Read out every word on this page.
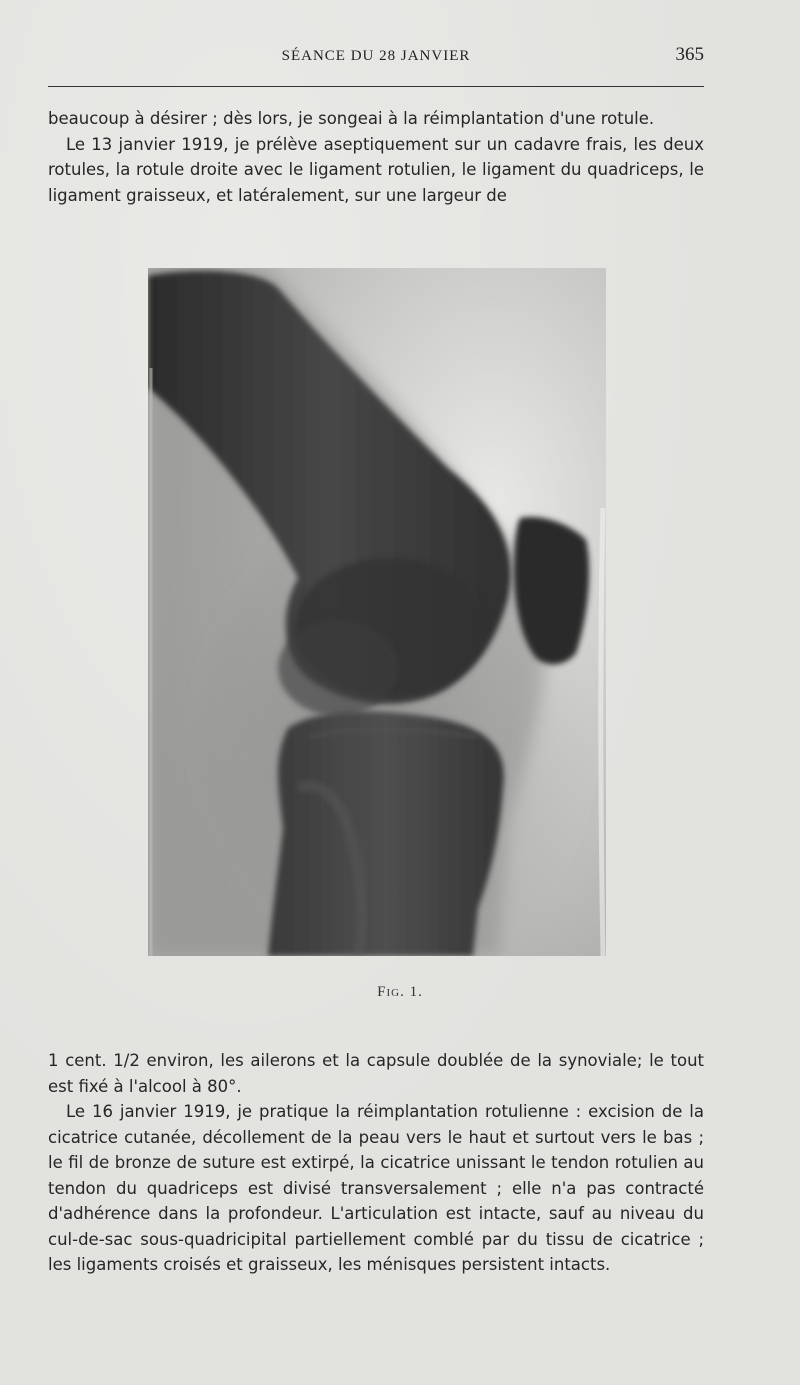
SÉANCE DU 28 JANVIER	365

beaucoup à désirer ; dès lors, je songeai à la réimplantation d'une rotule.

Le 13 janvier 1919, je prélève aseptiquement sur un cadavre frais, les deux rotules, la rotule droite avec le ligament rotulien, le ligament du quadriceps, le ligament graisseux, et latéralement, sur une largeur de

Fig. 1.

1 cent. 1/2 environ, les ailerons et la capsule doublée de la synoviale; le tout est fixé à l'alcool à 80°.

Le 16 janvier 1919, je pratique la réimplantation rotulienne : excision de la cicatrice cutanée, décollement de la peau vers le haut et surtout vers le bas ; le fil de bronze de suture est extirpé, la cicatrice unissant le tendon rotulien au tendon du quadriceps est divisé transversalement ; elle n'a pas contracté d'adhérence dans la profondeur. L'articulation est intacte, sauf au niveau du cul-de-sac sous-quadricipital partiellement comblé par du tissu de cicatrice ; les ligaments croisés et graisseux, les ménisques persistent intacts.
